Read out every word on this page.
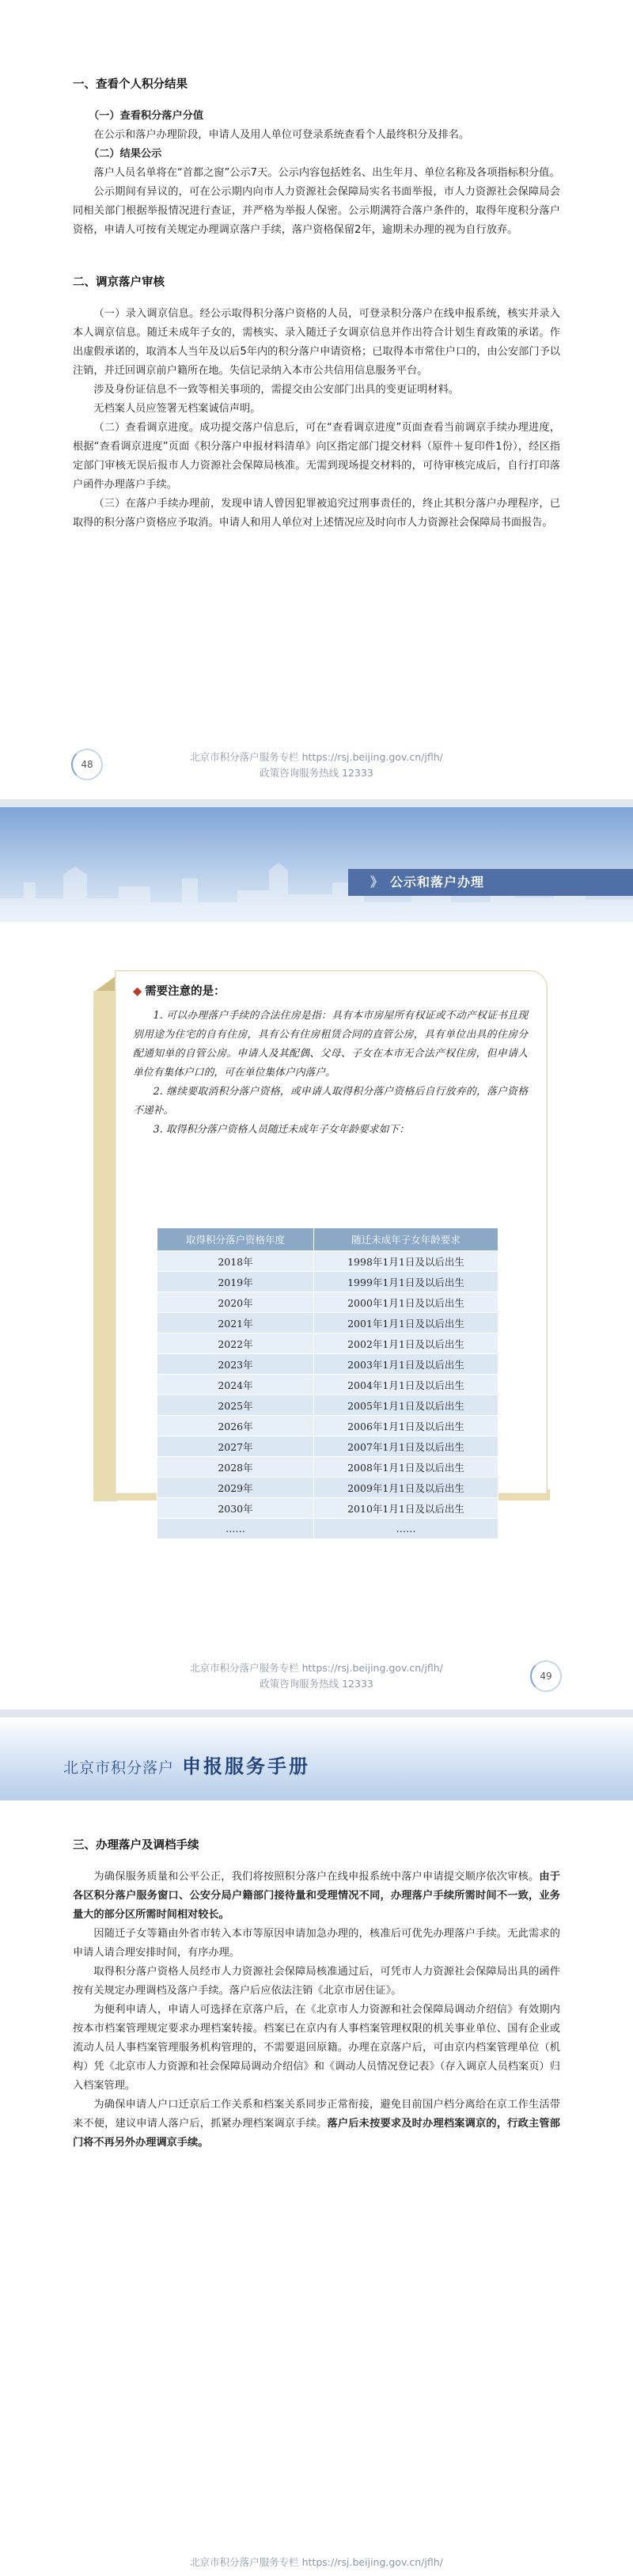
一、查看个人积分结果
（一）查看积分落户分值

在公示和落户办理阶段，申请人及用人单位可登录系统查看个人最终积分及排名。

（二）结果公示

落户人员名单将在“首都之窗”公示7天。公示内容包括姓名、出生年月、单位名称及各项指标积分值。

公示期间有异议的，可在公示期内向市人力资源社会保障局实名书面举报，市人力资源社会保障局会同相关部门根据举报情况进行查证，并严格为举报人保密。公示期满符合落户条件的，取得年度积分落户资格，申请人可按有关规定办理调京落户手续，落户资格保留2年，逾期未办理的视为自行放弃。

二、调京落户审核

（一）录入调京信息。经公示取得积分落户资格的人员，可登录积分落户在线申报系统，核实并录入本人调京信息。随迁未成年子女的，需核实、录入随迁子女调京信息并作出符合计划生育政策的承诺。作出虚假承诺的，取消本人当年及以后5年内的积分落户申请资格；已取得本市常住户口的，由公安部门予以注销，并迁回调京前户籍所在地。失信记录纳入本市公共信用信息服务平台。

涉及身份证信息不一致等相关事项的，需提交由公安部门出具的变更证明材料。

无档案人员应签署无档案诚信声明。

（二）查看调京进度。成功提交落户信息后，可在“查看调京进度”页面查看当前调京手续办理进度，根据“查看调京进度”页面《积分落户申报材料清单》向区指定部门提交材料（原件＋复印件1份），经区指定部门审核无误后报市人力资源社会保障局核准。无需到现场提交材料的，可待审核完成后，自行打印落户函件办理落户手续。

（三）在落户手续办理前，发现申请人曾因犯罪被追究过刑事责任的，终止其积分落户办理程序，已取得的积分落户资格应予取消。申请人和用人单位对上述情况应及时向市人力资源社会保障局书面报告。

48
北京市积分落户服务专栏 https://rsj.beijing.gov.cn/jflh/
政策咨询服务热线 12333
》 公示和落户办理
◆ 需要注意的是：

1. 可以办理落户手续的合法住房是指：具有本市房屋所有权证或不动产权证书且现别用途为住宅的自有住房，具有公有住房租赁合同的直管公房，具有单位出具的住房分配通知单的自管公房。申请人及其配偶、父母、子女在本市无合法产权住房，但申请人单位有集体户口的，可在单位集体户内落户。

2. 继续要取消积分落户资格，或申请人取得积分落户资格后自行放弃的，落户资格不递补。

3. 取得积分落户资格人员随迁未成年子女年龄要求如下：

取得积分落户资格年度	随迁未成年子女年龄要求
2018年	1998年1月1日及以后出生
2019年	1999年1月1日及以后出生
2020年	2000年1月1日及以后出生
2021年	2001年1月1日及以后出生
2022年	2002年1月1日及以后出生
2023年	2003年1月1日及以后出生
2024年	2004年1月1日及以后出生
2025年	2005年1月1日及以后出生
2026年	2006年1月1日及以后出生
2027年	2007年1月1日及以后出生
2028年	2008年1月1日及以后出生
2029年	2009年1月1日及以后出生
2030年	2010年1月1日及以后出生
……	……
49
北京市积分落户服务专栏 https://rsj.beijing.gov.cn/jflh/
政策咨询服务热线 12333
北京市积分落户 申报服务手册
三、办理落户及调档手续

为确保服务质量和公平公正，我们将按照积分落户在线申报系统中落户申请提交顺序依次审核。由于各区积分落户服务窗口、公安分局户籍部门接待量和受理情况不同，办理落户手续所需时间不一致，业务量大的部分区所需时间相对较长。

因随迁子女等籍由外省市转入本市等原因申请加急办理的，核准后可优先办理落户手续。无此需求的申请人请合理安排时间，有序办理。

取得积分落户资格人员经市人力资源社会保障局核准通过后，可凭市人力资源社会保障局出具的函件按有关规定办理调档及落户手续。落户后应依法注销《北京市居住证》。

为便利申请人，申请人可选择在京落户后，在《北京市人力资源和社会保障局调动介绍信》有效期内按本市档案管理规定要求办理档案转接。档案已在京内有人事档案管理权限的机关事业单位、国有企业或流动人员人事档案管理服务机构管理的，不需要退回原籍。办理在京落户后，可由京内档案管理单位（机构）凭《北京市人力资源和社会保障局调动介绍信》和《调动人员情况登记表》（存入调京人员档案页）归入档案管理。

为确保申请人户口迁京后工作关系和档案关系同步正常衔接，避免目前国户档分离给在京工作生活带来不便，建议申请人落户后，抓紧办理档案调京手续。落户后未按要求及时办理档案调京的，行政主管部门将不再另外办理调京手续。

北京市积分落户服务专栏 https://rsj.beijing.gov.cn/jflh/
